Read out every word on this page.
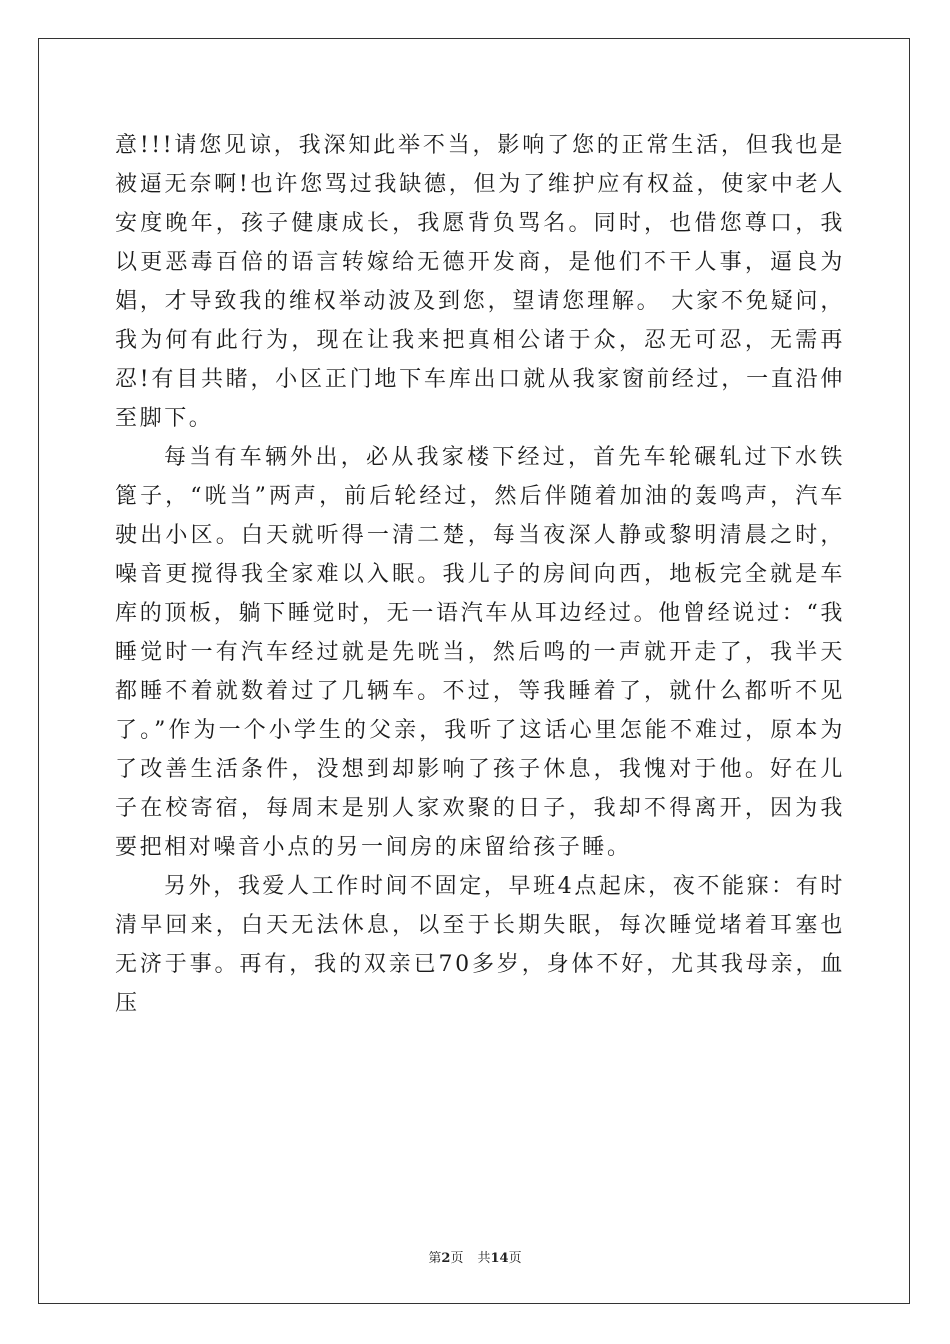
意!!!请您见谅，我深知此举不当，影响了您的正常生活，但我也是被逼无奈啊!也许您骂过我缺德，但为了维护应有权益，使家中老人安度晚年，孩子健康成长，我愿背负骂名。同时，也借您尊口，我以更恶毒百倍的语言转嫁给无德开发商，是他们不干人事，逼良为娼，才导致我的维权举动波及到您，望请您理解。 大家不免疑问，我为何有此行为，现在让我来把真相公诸于众，忍无可忍，无需再忍!有目共睹，小区正门地下车库出口就从我家窗前经过，一直沿伸至脚下。

每当有车辆外出，必从我家楼下经过，首先车轮碾轧过下水铁篦子，“咣当”两声，前后轮经过，然后伴随着加油的轰鸣声，汽车驶出小区。白天就听得一清二楚，每当夜深人静或黎明清晨之时，噪音更搅得我全家难以入眠。我儿子的房间向西，地板完全就是车库的顶板，躺下睡觉时，无一语汽车从耳边经过。他曾经说过：“我睡觉时一有汽车经过就是先咣当，然后鸣的一声就开走了，我半天都睡不着就数着过了几辆车。不过，等我睡着了，就什么都听不见了。”作为一个小学生的父亲，我听了这话心里怎能不难过，原本为了改善生活条件，没想到却影响了孩子休息，我愧对于他。好在儿子在校寄宿，每周末是别人家欢聚的日子，我却不得离开，因为我要把相对噪音小点的另一间房的床留给孩子睡。

另外，我爱人工作时间不固定，早班4点起床，夜不能寐：有时清早回来，白天无法休息，以至于长期失眠，每次睡觉堵着耳塞也无济于事。再有，我的双亲已70多岁，身体不好，尤其我母亲，血压

第2页 共14页
